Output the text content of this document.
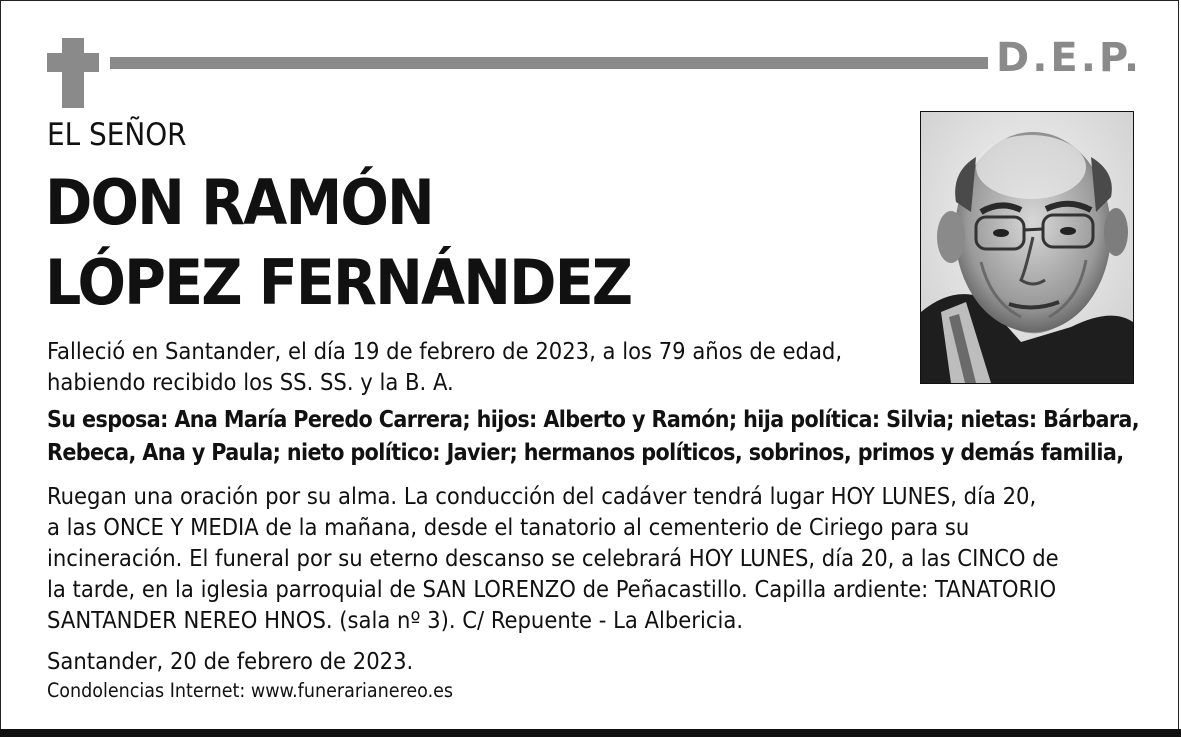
D.E.P.
EL SEÑOR
DON RAMÓN
LÓPEZ FERNÁNDEZ
Falleció en Santander, el día 19 de febrero de 2023, a los 79 años de edad,
habiendo recibido los SS. SS. y la B. A.
Su esposa: Ana María Peredo Carrera; hijos: Alberto y Ramón; hija política: Silvia; nietas: Bárbara,
Rebeca, Ana y Paula; nieto político: Javier; hermanos políticos, sobrinos, primos y demás familia,
Ruegan una oración por su alma. La conducción del cadáver tendrá lugar HOY LUNES, día 20,
a las ONCE Y MEDIA de la mañana, desde el tanatorio al cementerio de Ciriego para su
incineración. El funeral por su eterno descanso se celebrará HOY LUNES, día 20, a las CINCO de
la tarde, en la iglesia parroquial de SAN LORENZO de Peñacastillo. Capilla ardiente: TANATORIO
SANTANDER NEREO HNOS. (sala nº 3). C/ Repuente - La Albericia.
Santander, 20 de febrero de 2023.
Condolencias Internet: www.funerarianereo.es
